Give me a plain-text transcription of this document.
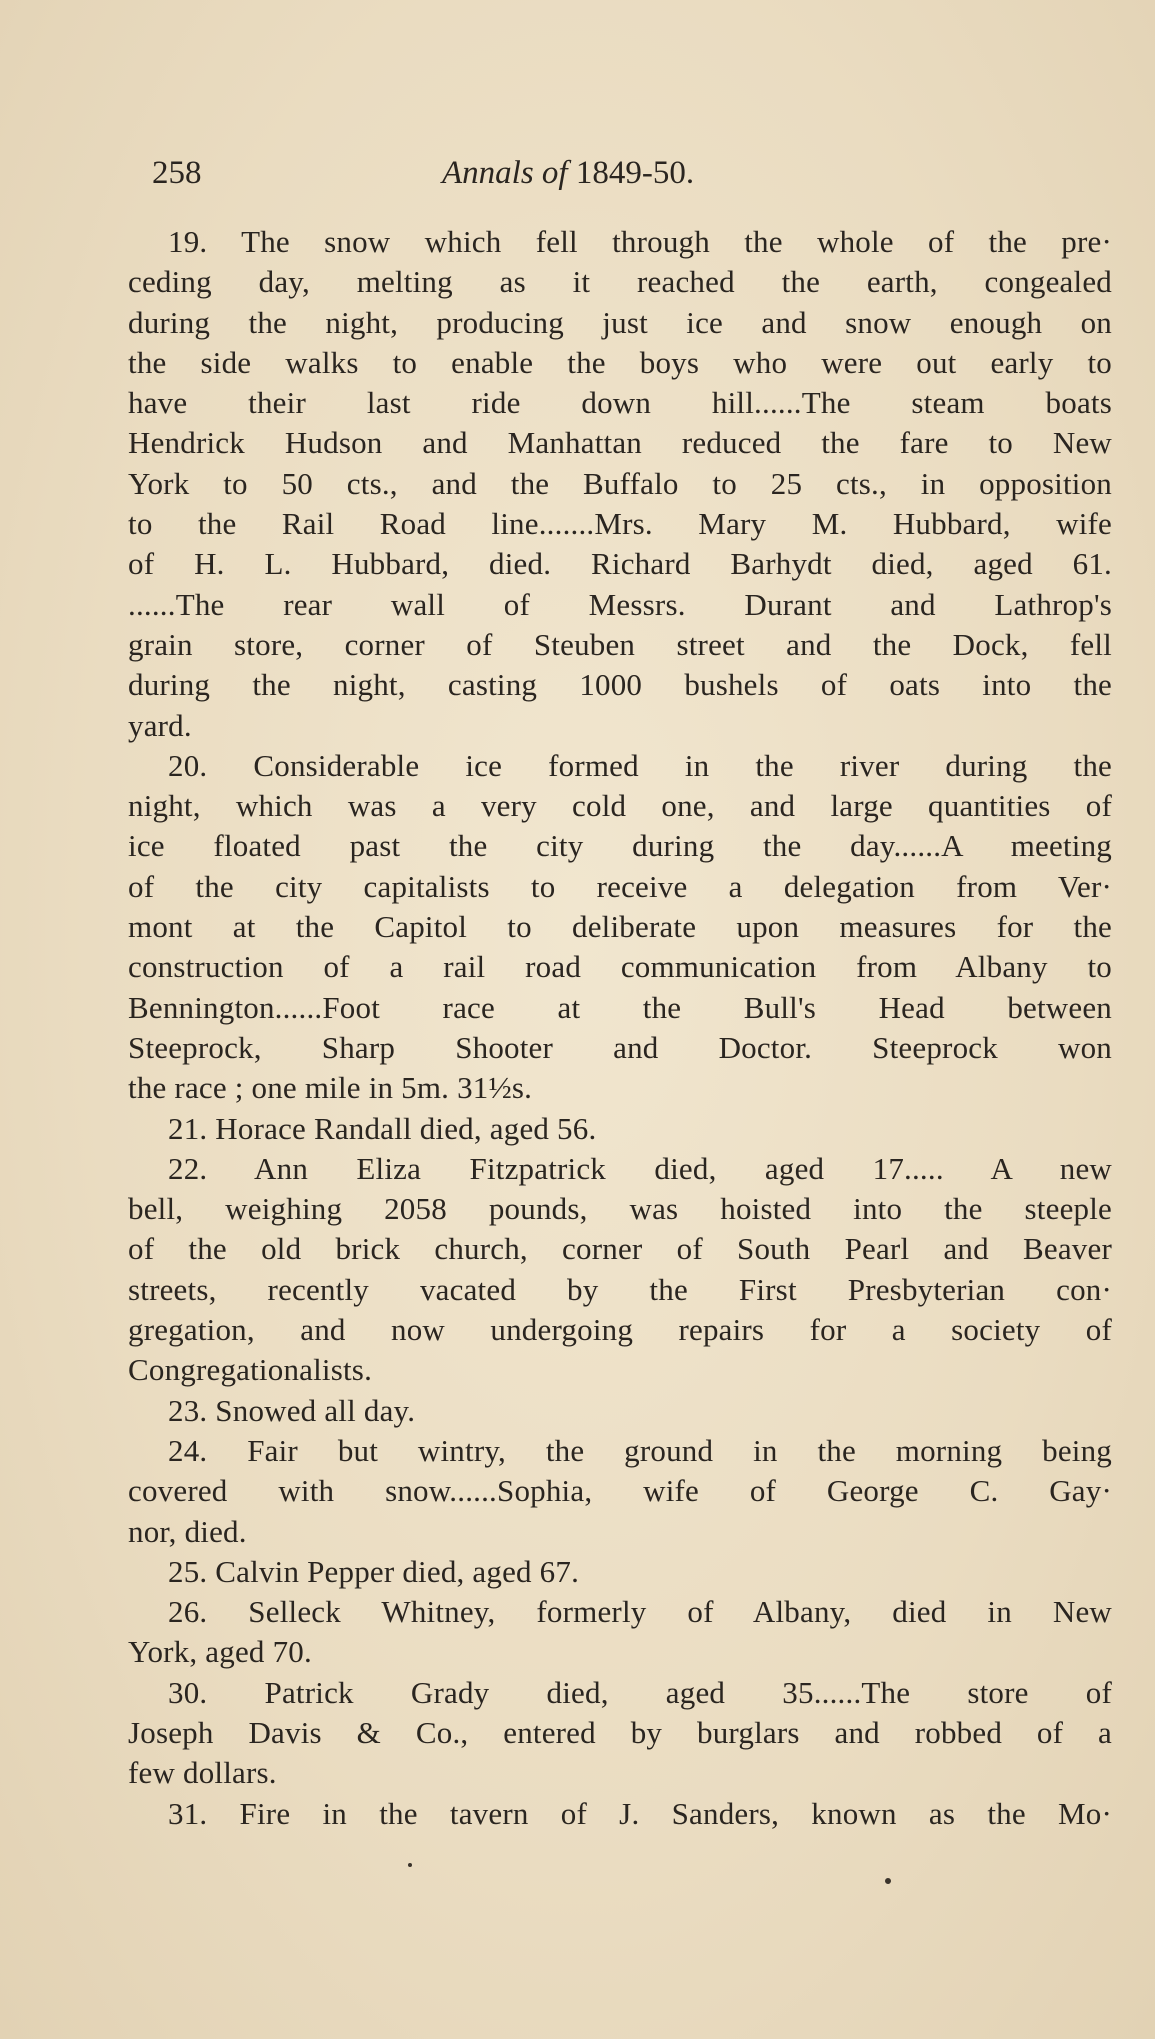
258	Annals of 1849-50.
19. The snow which fell through the whole of the pre·
ceding day, melting as it reached the earth, congealed
during the night, producing just ice and snow enough on
the side walks to enable the boys who were out early to
have their last ride down hill......The steam boats
Hendrick Hudson and Manhattan reduced the fare to New
York to 50 cts., and the Buffalo to 25 cts., in opposition
to the Rail Road line.......Mrs. Mary M. Hubbard, wife
of H. L. Hubbard, died. Richard Barhydt died, aged 61.
......The rear wall of Messrs. Durant and Lathrop's
grain store, corner of Steuben street and the Dock, fell
during the night, casting 1000 bushels of oats into the
yard.
20. Considerable ice formed in the river during the
night, which was a very cold one, and large quantities of
ice floated past the city during the day......A meeting
of the city capitalists to receive a delegation from Ver·
mont at the Capitol to deliberate upon measures for the
construction of a rail road communication from Albany to
Bennington......Foot race at the Bull's Head between
Steeprock, Sharp Shooter and Doctor. Steeprock won
the race ; one mile in 5m. 31½s.
21. Horace Randall died, aged 56.
22. Ann Eliza Fitzpatrick died, aged 17..... A new
bell, weighing 2058 pounds, was hoisted into the steeple
of the old brick church, corner of South Pearl and Beaver
streets, recently vacated by the First Presbyterian con·
gregation, and now undergoing repairs for a society of
Congregationalists.
23. Snowed all day.
24. Fair but wintry, the ground in the morning being
covered with snow......Sophia, wife of George C. Gay·
nor, died.
25. Calvin Pepper died, aged 67.
26. Selleck Whitney, formerly of Albany, died in New
York, aged 70.
30. Patrick Grady died, aged 35......The store of
Joseph Davis & Co., entered by burglars and robbed of a
few dollars.
31. Fire in the tavern of J. Sanders, known as the Mo·
